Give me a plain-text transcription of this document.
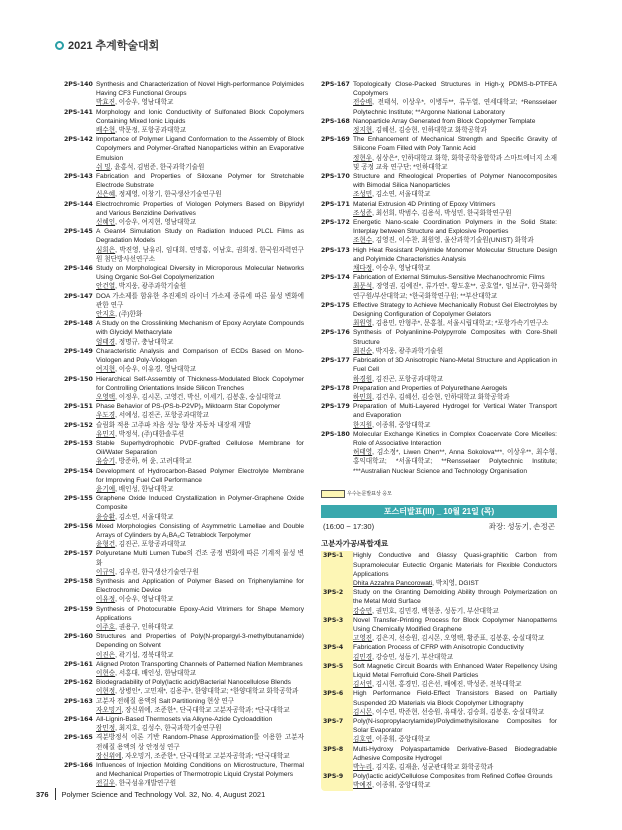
2021 추계학술대회
2PS-140 Synthesis and Characterization of Novel High-performance Polyimides Having CF3 Functional Groups
박효진, 이승우, 영남대학교
2PS-141 Morphology and Ionic Conductivity of Sulfonated Block Copolymers Containing Mixed Ionic Liquids
배수현, 박문정, 포항공과대학교
2PS-142 Importance of Polymer Ligand Conformation to the Assembly of Block Copolymers and Polymer-Grafted Nanoparticles within an Evaporative Emulsion
쉬 밍, 윤홍석, 김범준, 한국과학기술원
2PS-143 Fabrication and Properties of Siloxane Polymer for Stretchable Electrode Substrate
신은혜, 정제영, 이창기, 한국생산기술연구원
2PS-144 Electrochromic Properties of Viologen Polymers Based on Bipyridyl and Various Benzidine Derivatives
신혜인, 이승우, 여지현, 영남대학교
2PS-145 A Geant4 Simulation Study on Radiation Induced PLCL Films as Degradation Models
심희은, 박진영, 남유리, 임대희, 연명흠, 이남호, 권희정, 한국원자력연구원 첨단방사선연구소
2PS-146 Study on Morphological Diversity in Microporous Molecular Networks Using Organic Sol-Gel Copolymerization
안건열, 박지웅, 광주과학기술원
2PS-147 DOA 가소제를 함유한 추진제의 라이너 가소제 종류에 따른 물성 변화에 관한 연구
안지호, (주)한화
2PS-148 A Study on the Crosslinking Mechanism of Epoxy Acrylate Compounds with Glycidyl Methacrylate
엄태경, 정명규, 충남대학교
2PS-149 Characteristic Analysis and Comparison of ECDs Based on Mono-Viologen and Poly-Viologen
여지현, 이승우, 이유경, 영남대학교
2PS-150 Hierarchical Self-Assembly of Thickness-Modulated Block Copolymer for Controlling Orientations Inside Silicon Trenches
오영택, 이정우, 김시몬, 고영건, 박신, 이세기, 김봉훈, 숭실대학교
2PS-151 Phase Behavior of PS-(PS-b-P2VP)₃ Miktoarm Star Copolymer
우도경, 서예성, 김진곤, 포항공과대학교
2PS-152 슬림화 적용 고주파 차음 성능 향상 자동차 내장재 개발
유민지, 박정석, (주)대한솔루션
2PS-153 Stable Superhydrophobic PVDF-grafted Cellulose Membrane for Oil/Water Separation
유승기, 방준하, 허 윤, 고려대학교
2PS-154 Development of Hydrocarbon-Based Polymer Electrolyte Membrane for Improving Fuel Cell Performance
윤기예, 배인성, 한남대학교
2PS-155 Graphene Oxide Induced Crystallization in Polymer-Graphene Oxide Composite
윤승환, 김소연, 서울대학교
2PS-156 Mixed Morphologies Consisting of Asymmetric Lamellae and Double Arrays of Cylinders by A₁BA₂C Tetrablock Terpolymer
윤형건, 김진곤, 포항공과대학교
2PS-157 Polyuretane Multi Lumen Tube의 건조 공정 변화에 따른 기계적 물성 변화
이규익, 김우진, 한국생산기술연구원
2PS-158 Synthesis and Application of Polymer Based on Triphenylamine for Electrochromic Device
이유정, 이승우, 영남대학교
2PS-159 Synthesis of Photocurable Epoxy-Acid Vitrimers for Shape Memory Applications
이주호, 권용구, 인하대학교
2PS-160 Structures and Properties of Poly(N-propargyl-3-methylbutanamide) Depending on Solvent
이진은, 곽기섭, 경북대학교
2PS-161 Aligned Proton Transporting Channels of Patterned Nafion Membranes
이현승, 서홍대, 배인성, 한남대학교
2PS-162 Biodegradability of Poly(lactic acid)/Bacterial Nanocellulose Blends
이현정, 상병인*, 고민재*, 김용주*, 한양대학교; *한양대학교 화학공학과
2PS-163 고분자 전해질 용액의 Salt Partitioning 현상 연구
자오밍거, 장신위에, 조준한*, 단국대학교 고분자공학과; *단국대학교
2PS-164 All-Lignin-Based Thermosets via Alkyne-Azide Cycloaddition
장민정, 최지호, 김성수, 한국과학기술연구원
2PS-165 격분방정식 이론 기반 Random-Phase Approximation를 이용한 고분자 전해질 용액의 상 안정성 연구
장신위에, 자오밍거, 조준한*, 단국대학교 고분자공학과; *단국대학교
2PS-166 Influences of Injection Molding Conditions on Microstructure, Thermal and Mechanical Properties of Thermotropic Liquid Crystal Polymers
전길우, 한국섬유개발연구원
2PS-167 Topologically Close-Packed Structures in High-χ PDMS-b-PTFEA Copolymers
전승배, 전태석, 이상우*, 이병두**, 류두열, 연세대학교; *Rensselaer Polytechnic Institute; **Argonne National Laboratory
2PS-168 Nanoparticle Array Generated from Block Copolymer Template
정지현, 김혜선, 김승현, 인하대학교 화학공학과
2PS-169 The Enhancement of Mechanical Strength and Specific Gravity of Silicone Foam Filled with Poly Tannic Acid
정현우, 심상은*, 인하대학교 화학, 화학공학융합학과 스마트에너지 소재 및 공정 교육 연구단; *인하대학교
2PS-170 Structure and Rheological Properties of Polymer Nanocomposites with Bimodal Silica Nanoparticles
조성민, 김소연, 서울대학교
2PS-171 Material Extrusion 4D Printing of Epoxy Vitrimers
조성준, 최선희, 박범수, 김용석, 박성민, 한국화학연구원
2PS-172 Energetic Nano-scale Coordination Polymers in the Solid State: Interplay between Structure and Explosive Properties
조현수, 김영진, 이수찬, 최원영, 울산과학기술원(UNIST) 화학과
2PS-173 High Heat Resistant Polyimide Monomer Molecular Structure Design and Polyimide Characteristics Analysis
채다정, 이승우, 영남대학교
2PS-174 Fabrication of External Stimulus-Sensitive Mechanochromic Films
최문석, 장영권, 김예진*, 류가연*, 황도훈**, 공호열*, 임보규*, 한국화학연구원/부산대학교; *한국화학연구원; **부산대학교
2PS-175 Effective Strategy to Achieve Mechanically Robust Gel Electrolytes by Designing Configuration of Copolymer Gelators
최원영, 김용민, 안형주*, 문홍철, 서울시립대학교; *포항가속기연구소
2PS-176 Synthesis of Polyanlinine-Polypyrrole Composites with Core-Shell Structure
최진순, 박지웅, 광주과학기술원
2PS-177 Fabrication of 3D Anisotropic Nano-Metal Structure and Application in Fuel Cell
하경원, 김진곤, 포항공과대학교
2PS-178 Preparation and Properties of Polyurethane Aerogels
하민희, 김건우, 김혜선, 김승현, 인하대학교 화학공학과
2PS-179 Preparation of Multi-Layered Hydrogel for Vertical Water Transport and Evaporation
한지원, 이종휘, 중앙대학교
2PS-180 Molecular Exchange Kinetics in Complex Coacervate Core Micelles: Role of Associative Interaction
허태영, 김소정*, Liwen Chen**, Anna Sokolova***, 이상우**, 최수형, 홍익대학교; *서울대학교; **Rensselaer Polytechnic Institute; ***Australian Nuclear Science and Technology Organisation
우수논문발표상 응모
포스터발표(III) _ 10월 21일 (목)
(16:00 ~ 17:30)	좌장: 성동기, 손정곤
고분자가공/복합재료
3PS-1	Highly Conductive and Glassy Quasi-graphitic Carbon from Supramolecular Eutectic Organic Materials for Flexible Conductors Applications
Dhita Azzahra Pancorowati, 박치영, DGIST
3PS-2	Study on the Granting Demolding Ability through Polymerization on the Metal Mold Surface
강승민, 권민호, 김민경, 백현종, 성동기, 부산대학교
3PS-3	Novel Transfer-Printing Process for Block Copolymer Nanopatterns Using Chemically Modified Graphene
고영진, 김은지, 선승원, 김시몬, 오영택, 황준표, 김봉훈, 숭실대학교
3PS-4	Fabrication Process of CFRP with Anisotropic Conductivity
김민경, 강승민, 성동기, 부산대학교
3PS-5	Soft Magnetic Circuit Boards with Enhanced Water Repellency Using Liquid Metal Ferrofluid Core-Shell Particles
김서연, 김시현, 홍경민, 김은선, 배예진, 박성준, 전북대학교
3PS-6	High Performance Field-Effect Transistors Based on Partially Suspended 2D Materials via Block Copolymer Lithography
김시몬, 이수연, 박준현, 선승원, 유태상, 김승희, 김봉훈, 숭실대학교
3PS-7	Poly(N-isopropylacrylamide)/Polydimethylsiloxane Composites for Solar Evaporator
김호연, 이종휘, 중앙대학교
3PS-8	Multi-Hydroxy Polyaspartamide Derivative-Based Biodegradable Adhesive Composite Hydrogel
박누리, 김지훈, 김재윤, 성균관대학교 화학공학과
3PS-9	Poly(lactic acid)/Cellulose Composites from Refined Coffee Grounds
박예진, 이종휘, 중앙대학교
376 Polymer Science and Technology Vol. 32, No. 4, August 2021
